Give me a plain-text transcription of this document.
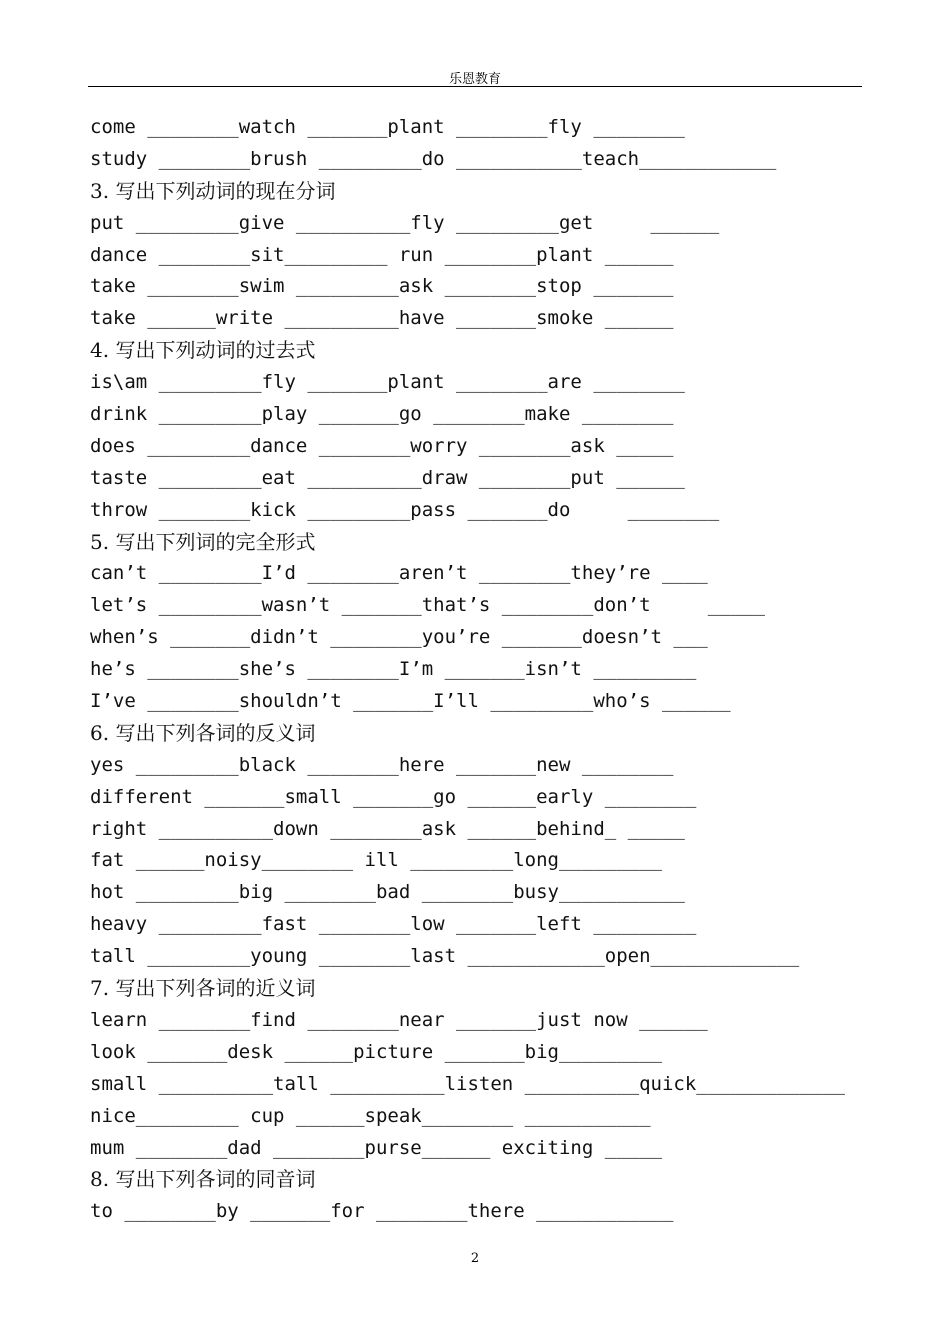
乐恩教育
come ________watch _______plant ________fly ________
study ________brush _________do ___________teach____________
3. 写出下列动词的现在分词
put _________give __________fly _________get     ______
dance ________sit_________ run ________plant ______
take ________swim _________ask ________stop _______
take ______write __________have _______smoke ______
4. 写出下列动词的过去式
is\am _________fly _______plant ________are ________
drink _________play _______go ________make ________
does _________dance ________worry ________ask _____
taste _________eat __________draw ________put ______
throw ________kick _________pass _______do     ________
5. 写出下列词的完全形式
can’t _________I’d ________aren’t ________they’re ____
let’s _________wasn’t _______that’s ________don’t     _____
when’s _______didn’t ________you’re _______doesn’t ___
he’s ________she’s ________I’m _______isn’t _________
I’ve ________shouldn’t _______I’ll _________who’s ______
6. 写出下列各词的反义词
yes _________black ________here _______new ________
different _______small _______go ______early ________
right __________down ________ask ______behind_ _____
fat ______noisy________ ill _________long_________
hot _________big ________bad ________busy___________
heavy _________fast ________low _______left _________
tall _________young ________last ____________open_____________
7. 写出下列各词的近义词
learn ________find ________near _______just now ______
look _______desk ______picture _______big_________
small __________tall __________listen __________quick_____________
nice_________ cup ______speak________ ___________
mum ________dad ________purse______ exciting _____
8. 写出下列各词的同音词
to ________by _______for ________there ____________
2
